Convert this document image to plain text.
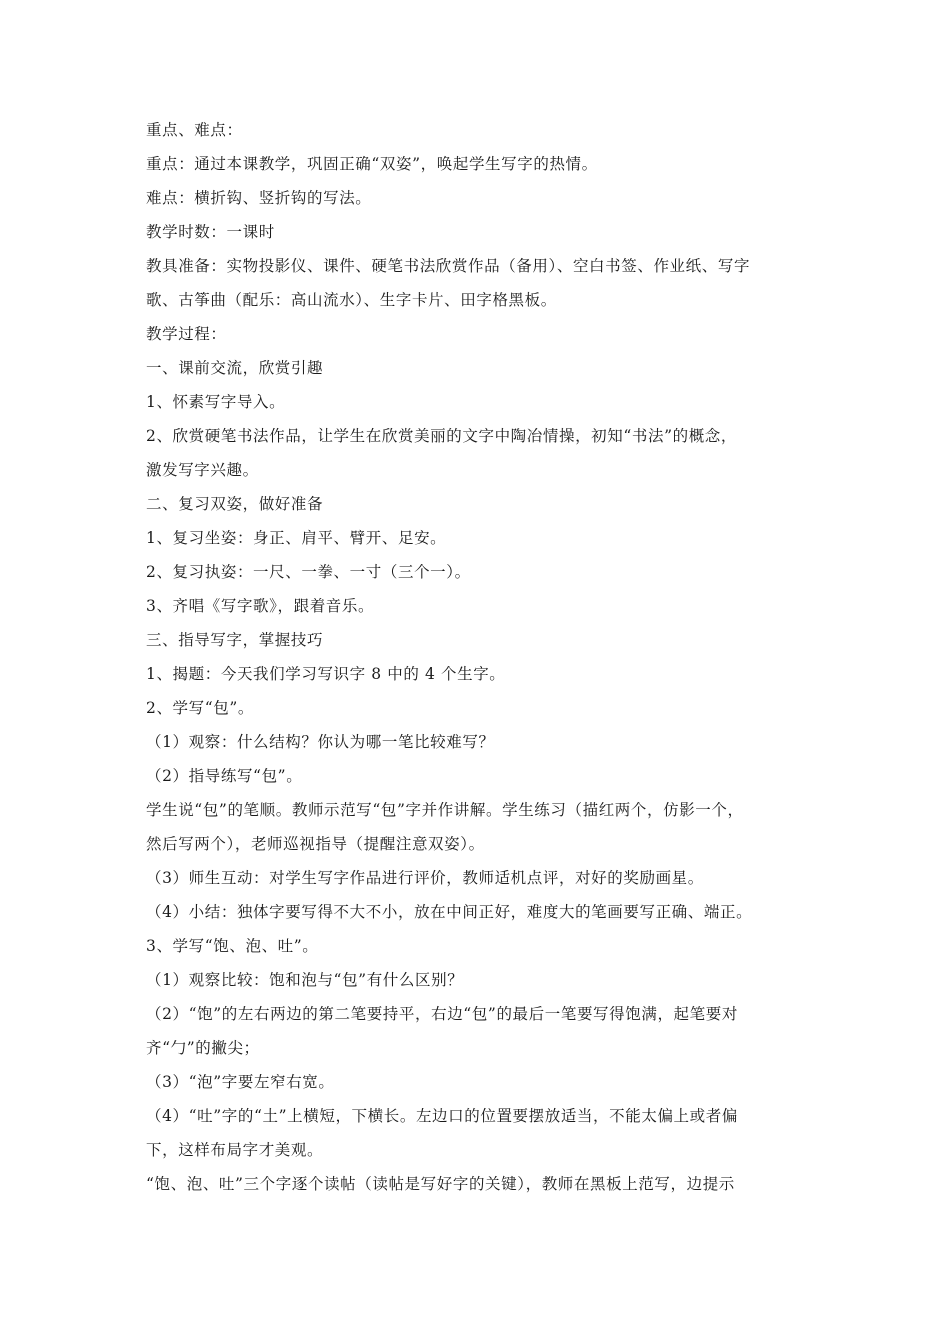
重点、难点：
重点：通过本课教学，巩固正确“双姿”，唤起学生写字的热情。
难点：横折钩、竖折钩的写法。
教学时数：一课时
教具准备：实物投影仪、课件、硬笔书法欣赏作品（备用）、空白书签、作业纸、写字
歌、古筝曲（配乐：高山流水）、生字卡片、田字格黑板。
教学过程：
一、课前交流，欣赏引趣
1、怀素写字导入。
2、欣赏硬笔书法作品，让学生在欣赏美丽的文字中陶冶情操，初知“书法”的概念，
激发写字兴趣。
二、复习双姿，做好准备
1、复习坐姿：身正、肩平、臂开、足安。
2、复习执姿：一尺、一拳、一寸（三个一）。
3、齐唱《写字歌》，跟着音乐。
三、指导写字，掌握技巧
1、揭题：今天我们学习写识字 8 中的 4 个生字。
2、学写“包”。
（1）观察：什么结构？你认为哪一笔比较难写？
（2）指导练写“包”。
学生说“包”的笔顺。教师示范写“包”字并作讲解。学生练习（描红两个，仿影一个，
然后写两个），老师巡视指导（提醒注意双姿）。
（3）师生互动：对学生写字作品进行评价，教师适机点评，对好的奖励画星。
（4）小结：独体字要写得不大不小，放在中间正好，难度大的笔画要写正确、端正。
3、学写“饱、泡、吐”。
（1）观察比较：饱和泡与“包”有什么区别？
（2）“饱”的左右两边的第二笔要持平，右边“包”的最后一笔要写得饱满，起笔要对
齐“勹”的撇尖；
（3）“泡”字要左窄右宽。
（4）“吐”字的“土”上横短，下横长。左边口的位置要摆放适当，不能太偏上或者偏
下，这样布局字才美观。
“饱、泡、吐”三个字逐个读帖（读帖是写好字的关键），教师在黑板上范写，边提示
